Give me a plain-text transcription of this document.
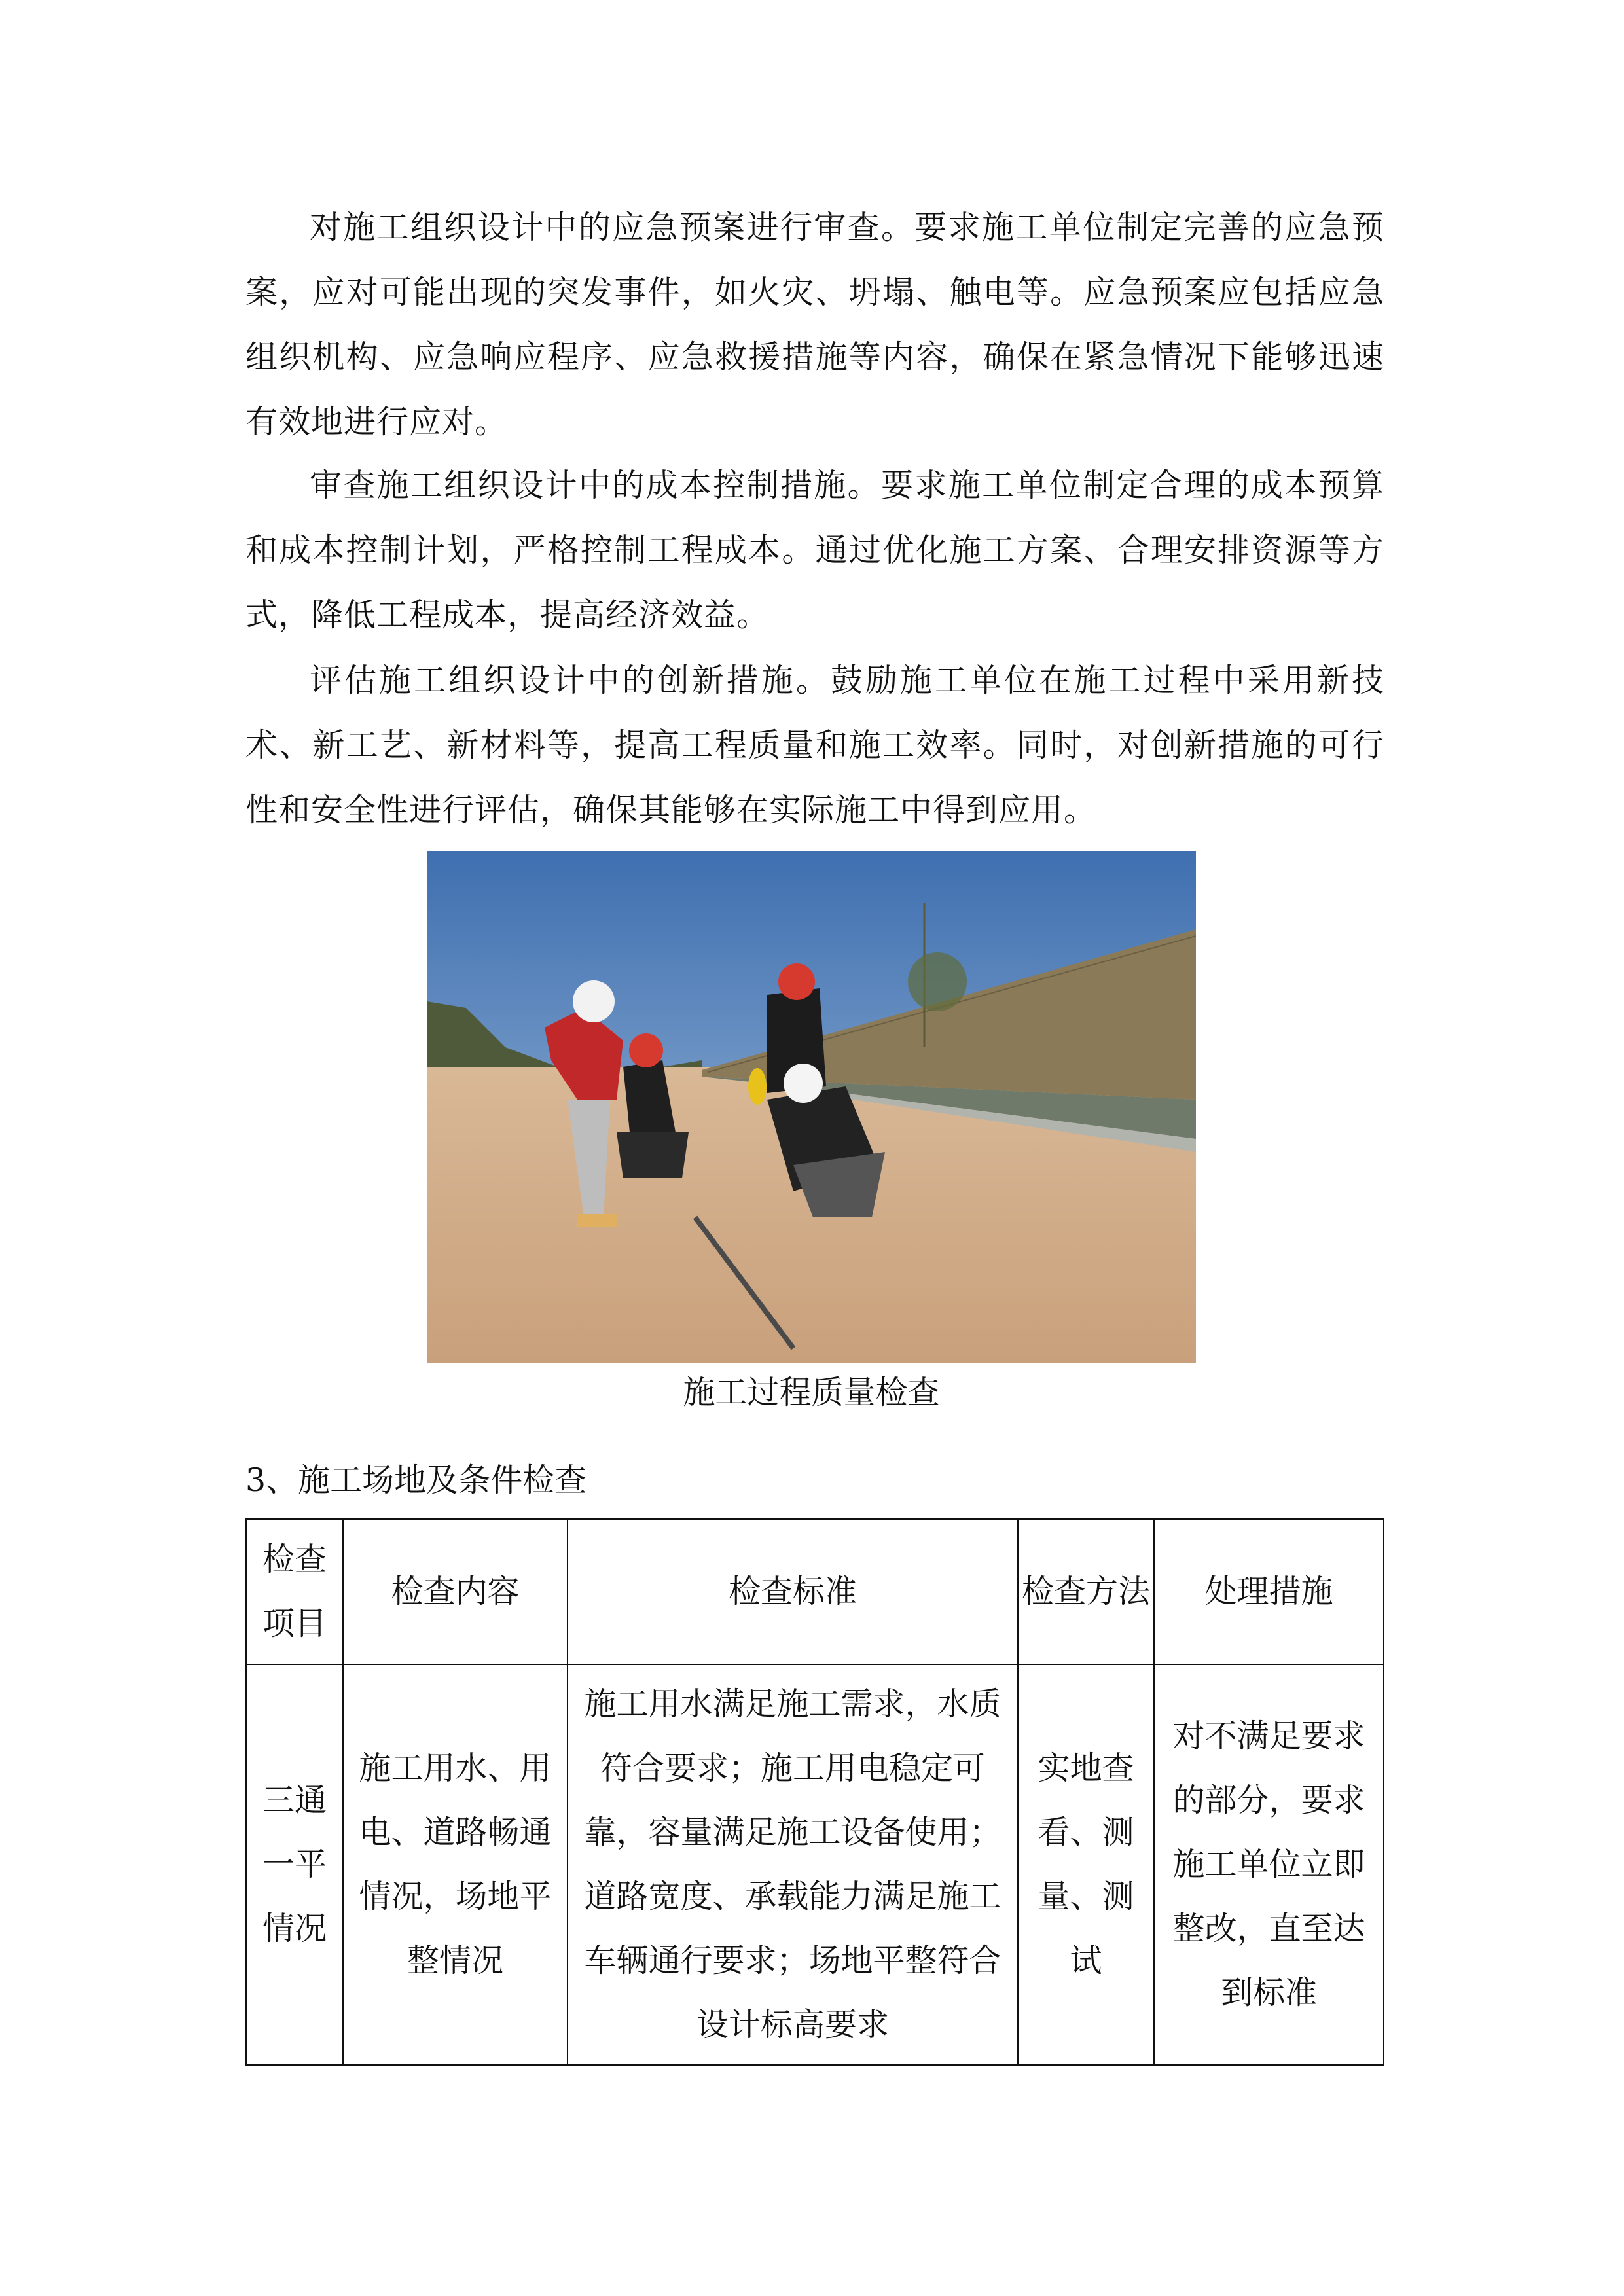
对施工组织设计中的应急预案进行审查。要求施工单位制定完善的应急预案，应对可能出现的突发事件，如火灾、坍塌、触电等。应急预案应包括应急组织机构、应急响应程序、应急救援措施等内容，确保在紧急情况下能够迅速有效地进行应对。

审查施工组织设计中的成本控制措施。要求施工单位制定合理的成本预算和成本控制计划，严格控制工程成本。通过优化施工方案、合理安排资源等方式，降低工程成本，提高经济效益。

评估施工组织设计中的创新措施。鼓励施工单位在施工过程中采用新技术、新工艺、新材料等，提高工程质量和施工效率。同时，对创新措施的可行性和安全性进行评估，确保其能够在实际施工中得到应用。

施工过程质量检查
3、施工场地及条件检查
检查项目	检查内容	检查标准	检查方法	处理措施
三通一平情况	施工用水、用电、道路畅通情况，场地平整情况	施工用水满足施工需求，水质符合要求；施工用电稳定可靠，容量满足施工设备使用；道路宽度、承载能力满足施工车辆通行要求；场地平整符合设计标高要求	实地查看、测量、测试	对不满足要求的部分，要求施工单位立即整改，直至达到标准
